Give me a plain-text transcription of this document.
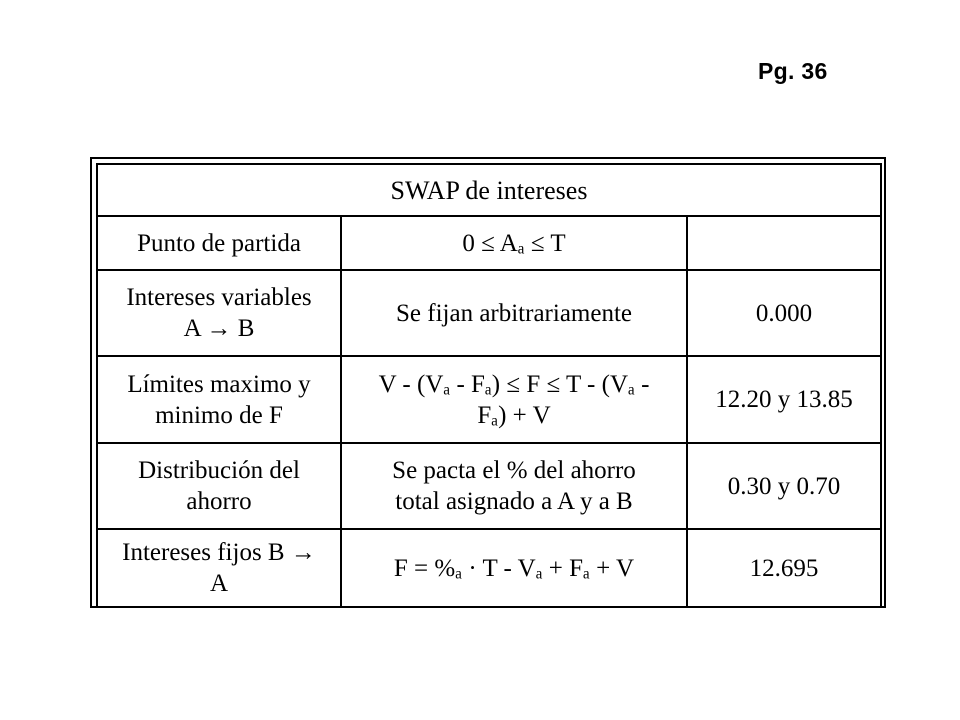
Pg. 36
SWAP de intereses		

Punto de partida	0 ≤ Aₐ ≤ T	

Intereses variables
A → B	Se fijan arbitrariamente	0.000

Límites maximo y
minimo de F	V - (Vₐ - Fₐ) ≤ F ≤ T - (Vₐ -
Fₐ) + V	12.20 y 13.85

Distribución del
ahorro	Se pacta el % del ahorro
total asignado a A y a B	0.30 y 0.70

Intereses fijos B →
A	F = %ₐ · T - Vₐ + Fₐ + V	12.695
